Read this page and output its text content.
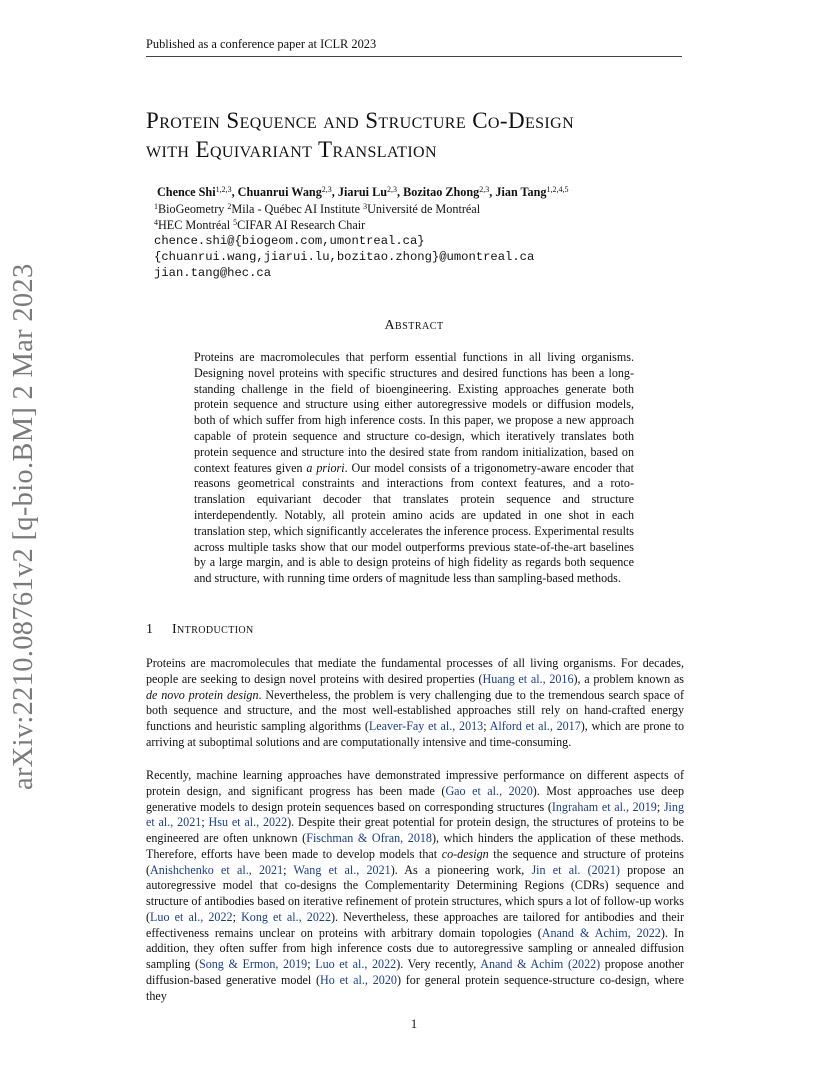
Published as a conference paper at ICLR 2023
arXiv:2210.08761v2 [q-bio.BM] 2 Mar 2023
Protein Sequence and Structure Co-Design
with Equivariant Translation
Chence Shi$^{1,2,3}$, Chuanrui Wang$^{2,3}$, Jiarui Lu$^{2,3}$, Bozitao Zhong$^{2,3}$, Jian Tang$^{1,2,4,5}$
$^1$BioGeometry $^2$Mila - Québec AI Institute $^3$Université de Montréal
$^4$HEC Montréal $^5$CIFAR AI Research Chair
chence.shi@{biogeom.com,umontreal.ca}
{chuanrui.wang,jiarui.lu,bozitao.zhong}@umontreal.ca
jian.tang@hec.ca
Abstract

Proteins are macromolecules that perform essential functions in all living organisms. Designing novel proteins with specific structures and desired functions has been a long-standing challenge in the field of bioengineering. Existing approaches generate both protein sequence and structure using either autoregressive models or diffusion models, both of which suffer from high inference costs. In this paper, we propose a new approach capable of protein sequence and structure co-design, which iteratively translates both protein sequence and structure into the desired state from random initialization, based on context features given a priori. Our model consists of a trigonometry-aware encoder that reasons geometrical constraints and interactions from context features, and a roto-translation equivariant decoder that translates protein sequence and structure interdependently. Notably, all protein amino acids are updated in one shot in each translation step, which significantly accelerates the inference process. Experimental results across multiple tasks show that our model outperforms previous state-of-the-art baselines by a large margin, and is able to design proteins of high fidelity as regards both sequence and structure, with running time orders of magnitude less than sampling-based methods.

1 Introduction

Proteins are macromolecules that mediate the fundamental processes of all living organisms. For decades, people are seeking to design novel proteins with desired properties (Huang et al., 2016), a problem known as de novo protein design. Nevertheless, the problem is very challenging due to the tremendous search space of both sequence and structure, and the most well-established approaches still rely on hand-crafted energy functions and heuristic sampling algorithms (Leaver-Fay et al., 2013; Alford et al., 2017), which are prone to arriving at suboptimal solutions and are computationally intensive and time-consuming.

Recently, machine learning approaches have demonstrated impressive performance on different aspects of protein design, and significant progress has been made (Gao et al., 2020). Most approaches use deep generative models to design protein sequences based on corresponding structures (Ingraham et al., 2019; Jing et al., 2021; Hsu et al., 2022). Despite their great potential for protein design, the structures of proteins to be engineered are often unknown (Fischman & Ofran, 2018), which hinders the application of these methods. Therefore, efforts have been made to develop models that co-design the sequence and structure of proteins (Anishchenko et al., 2021; Wang et al., 2021). As a pioneering work, Jin et al. (2021) propose an autoregressive model that co-designs the Complementarity Determining Regions (CDRs) sequence and structure of antibodies based on iterative refinement of protein structures, which spurs a lot of follow-up works (Luo et al., 2022; Kong et al., 2022). Nevertheless, these approaches are tailored for antibodies and their effectiveness remains unclear on proteins with arbitrary domain topologies (Anand & Achim, 2022). In addition, they often suffer from high inference costs due to autoregressive sampling or annealed diffusion sampling (Song & Ermon, 2019; Luo et al., 2022). Very recently, Anand & Achim (2022) propose another diffusion-based generative model (Ho et al., 2020) for general protein sequence-structure co-design, where they

1
